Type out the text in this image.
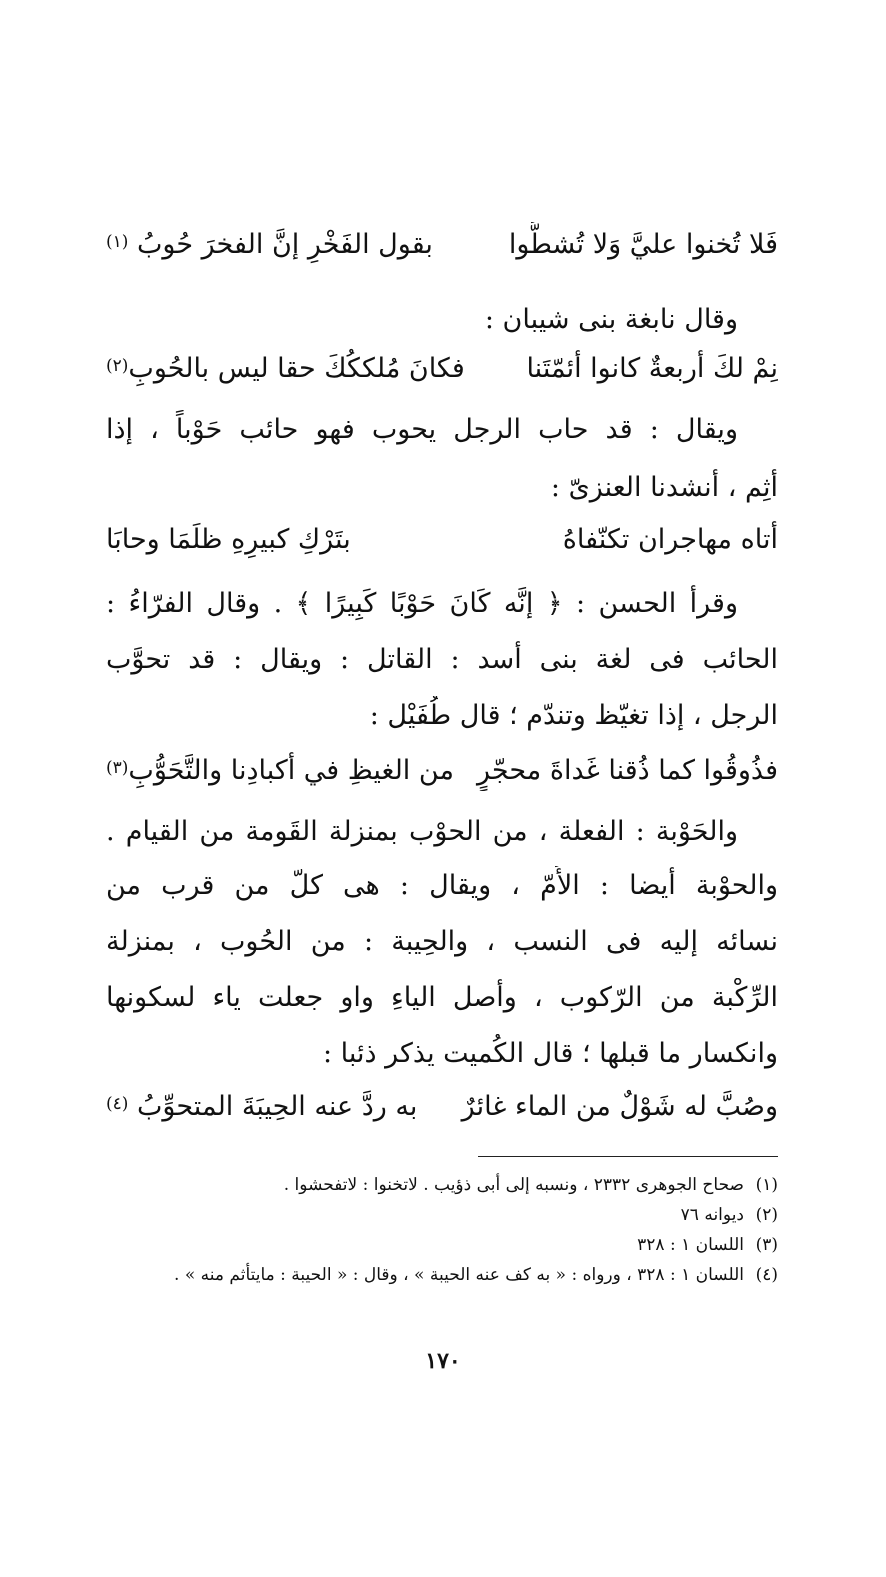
فَلا تُخنوا عليَّ وَلا تُشطُّوا
بقول الفَخْرِ إنَّ الفخرَ حُوبُ $^{(١)}$
وقال نابغة بنى شيبان :
نِمْ لكَ أربعةٌ كانوا أئمّتَنا
فكانَ مُلككُكَ حقا ليس بالحُوبِ$^{(٢)}$
ويقال : قد حاب الرجل يحوب فهو حائب حَوْباً ، إذا
أَثِم ، أنشدنا العنزىّ :
أتاه مهاجران تكنّفاهُ
بتَرْكِ كبيرِهِ ظلَمَا وحابَا
وقرأ الحسن : ﴿ إنَّه كَانَ حَوْبًا كَبِيرًا ﴾ . وقال الفرّاءُ :
الحائب فى لغة بنى أسد : القاتل : ويقال : قد تحوَّب
الرجل ، إذا تغيّظ وتندّم ؛ قال طُفَيْل :
فذُوقُوا كما ذُقنا غَداةَ محجّرٍ
من الغيظِ في أكبادِنا والتَّحَوُّبِ$^{(٣)}$
والحَوْبة : الفعلة ، من الحوْب بمنزلة القَومة من القيام .
والحوْبة أَيضا : الأُمّ ، ويقال : هى كلّ من قرب من
نسائه إليه فى النسب ، والحِيبة : من الحُوب ، بمنزلة
الرِّكْبة من الرّكوب ، وأَصل الياءِ واو جعلت ياء لسكونها
وانكسار ما قبلها ؛ قال الكُميت يذكر ذئبا :
وصُبَّ له شَوْلٌ من الماء غائرٌ
به ردَّ عنه الحِيبَةَ المتحوِّبُ $^{(٤)}$
(١)صحاح الجوهرى ٢٣٣٢ ، ونسبه إلى أبى ذؤيب . لاتخنوا : لاتفحشوا .
(٢)ديوانه ٧٦
(٣)اللسان ١ : ٣٢٨
(٤)اللسان ١ : ٣٢٨ ، ورواه : « به كف عنه الحيبة » ، وقال : « الحيبة : مايتأثم منه » .
١٧٠
